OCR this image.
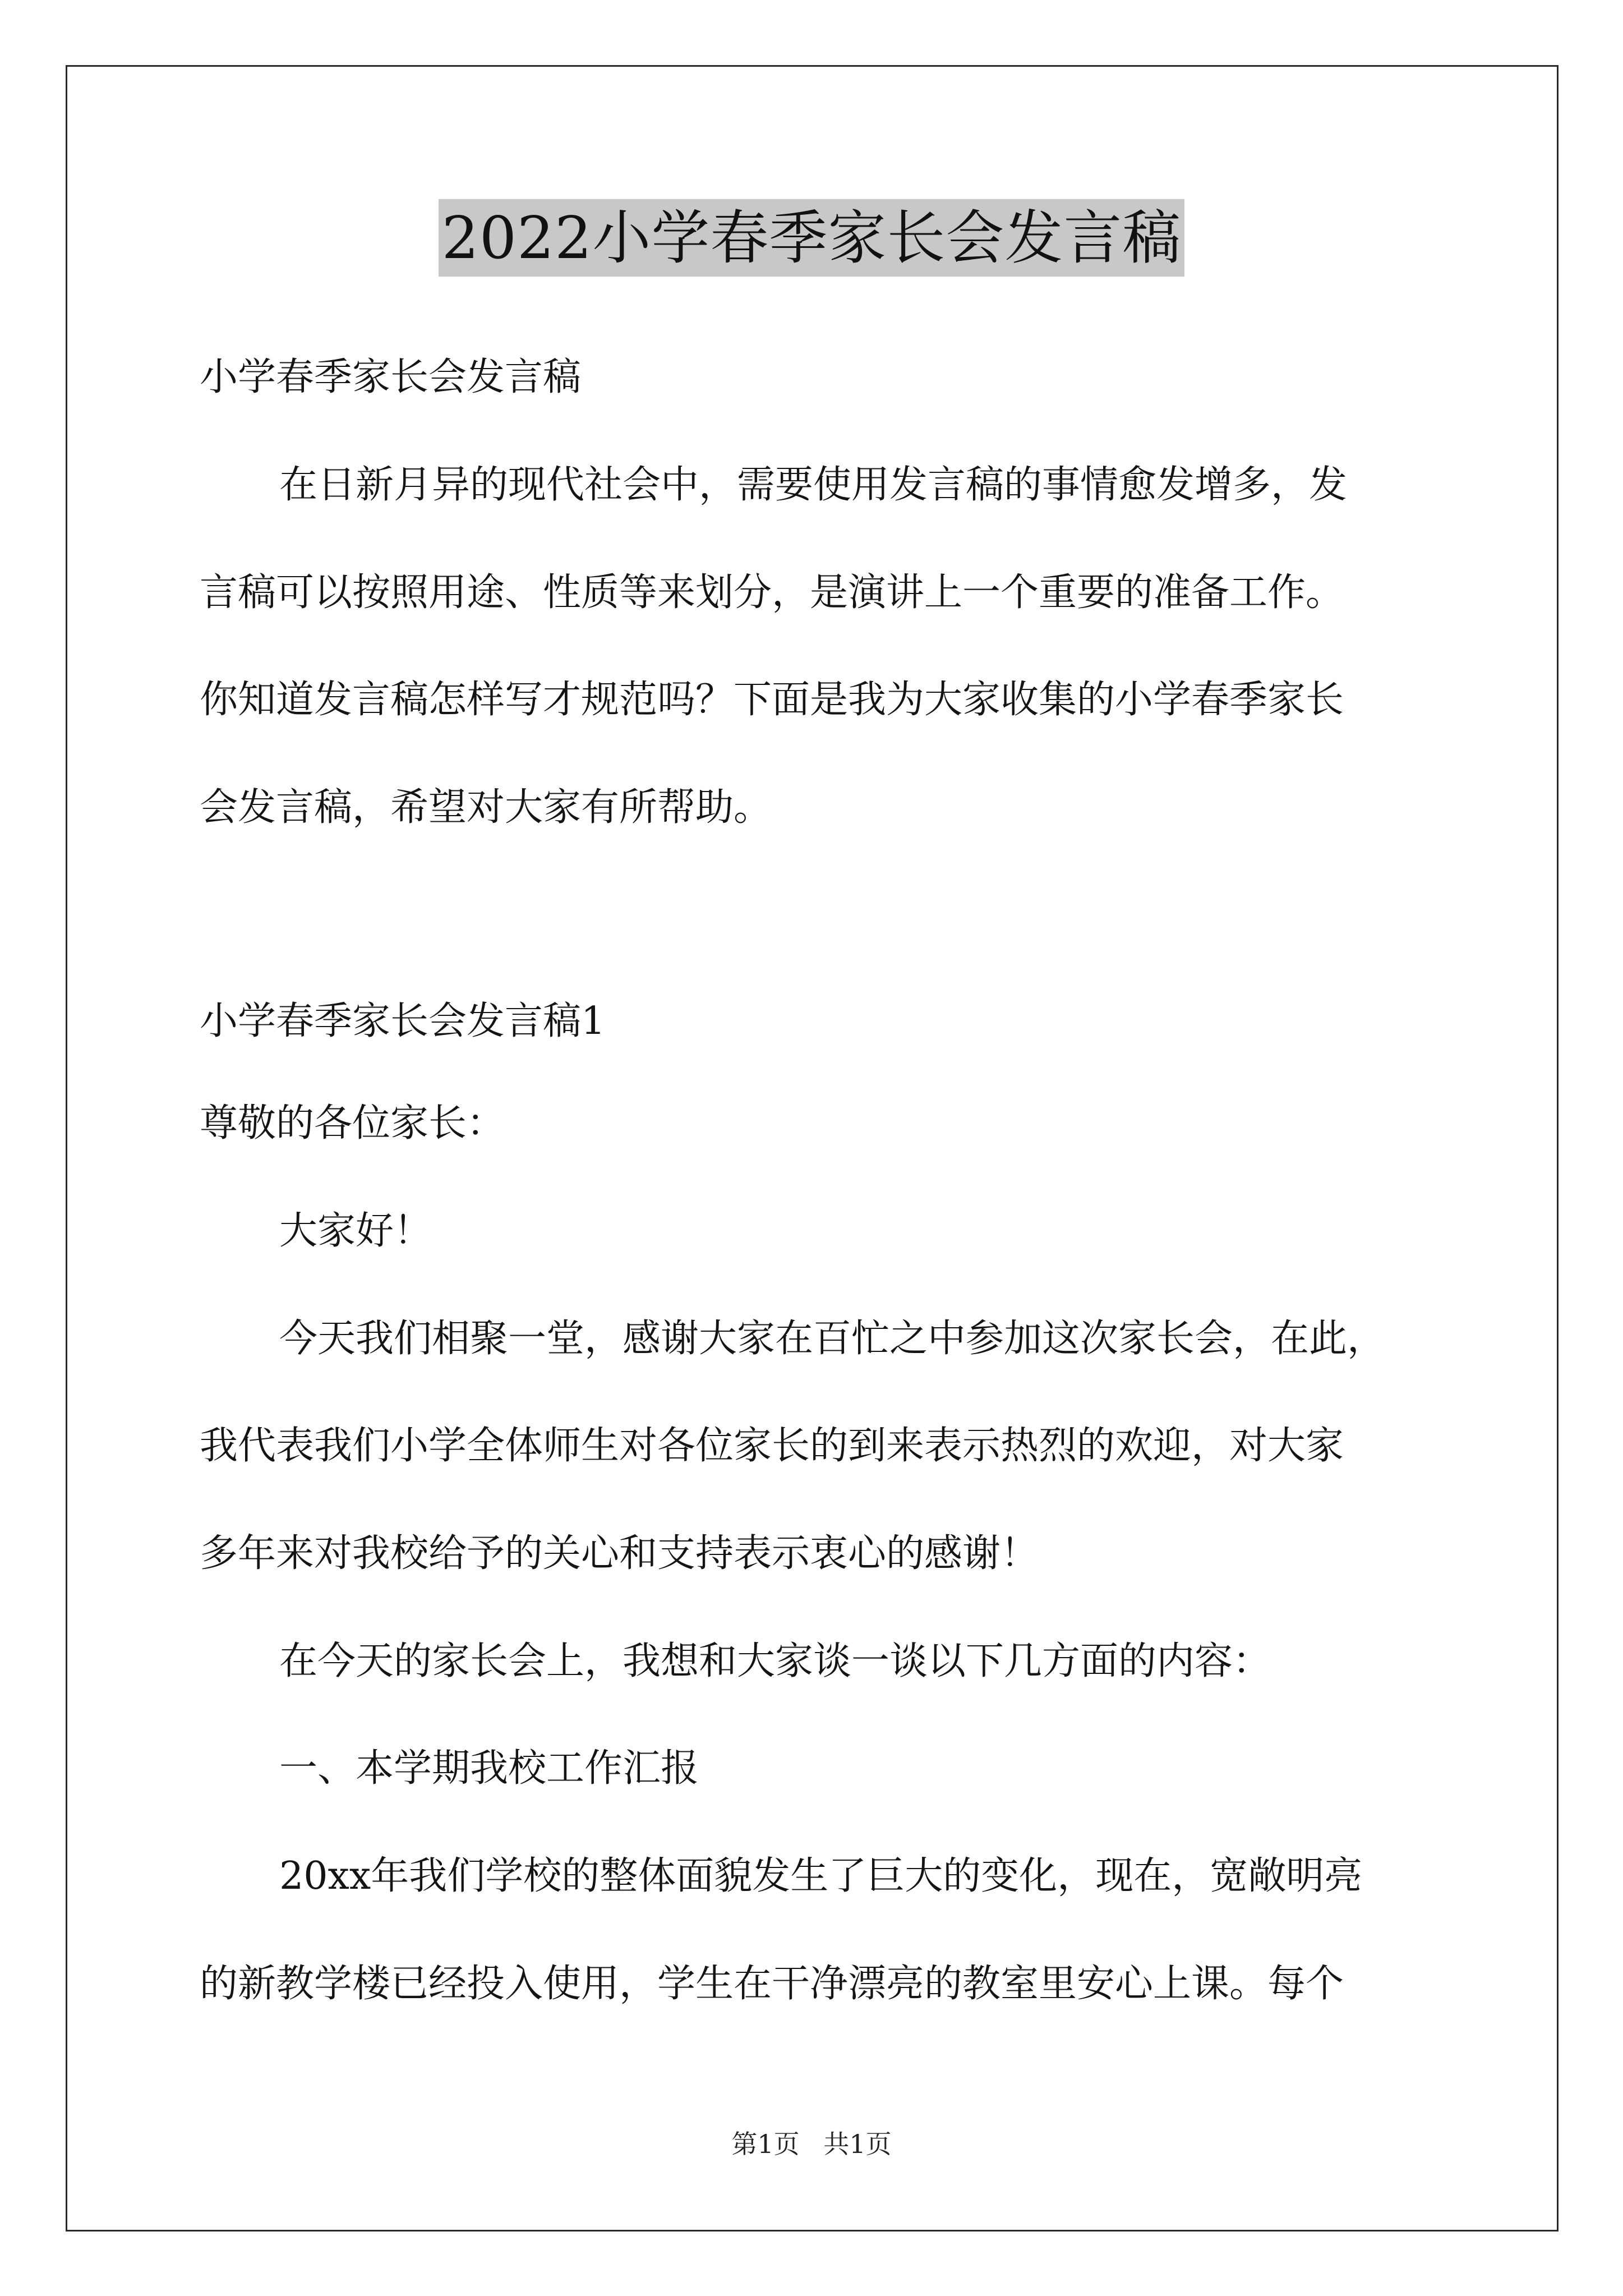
2022小学春季家长会发言稿
小学春季家长会发言稿
在日新月异的现代社会中，需要使用发言稿的事情愈发增多，发
言稿可以按照用途、性质等来划分，是演讲上一个重要的准备工作。
你知道发言稿怎样写才规范吗？下面是我为大家收集的小学春季家长
会发言稿，希望对大家有所帮助。
小学春季家长会发言稿1
尊敬的各位家长：
大家好！
今天我们相聚一堂，感谢大家在百忙之中参加这次家长会，在此，
我代表我们小学全体师生对各位家长的到来表示热烈的欢迎，对大家
多年来对我校给予的关心和支持表示衷心的感谢！
在今天的家长会上，我想和大家谈一谈以下几方面的内容：
一、本学期我校工作汇报
20xx年我们学校的整体面貌发生了巨大的变化，现在，宽敞明亮
的新教学楼已经投入使用，学生在干净漂亮的教室里安心上课。每个
第1页 共1页
